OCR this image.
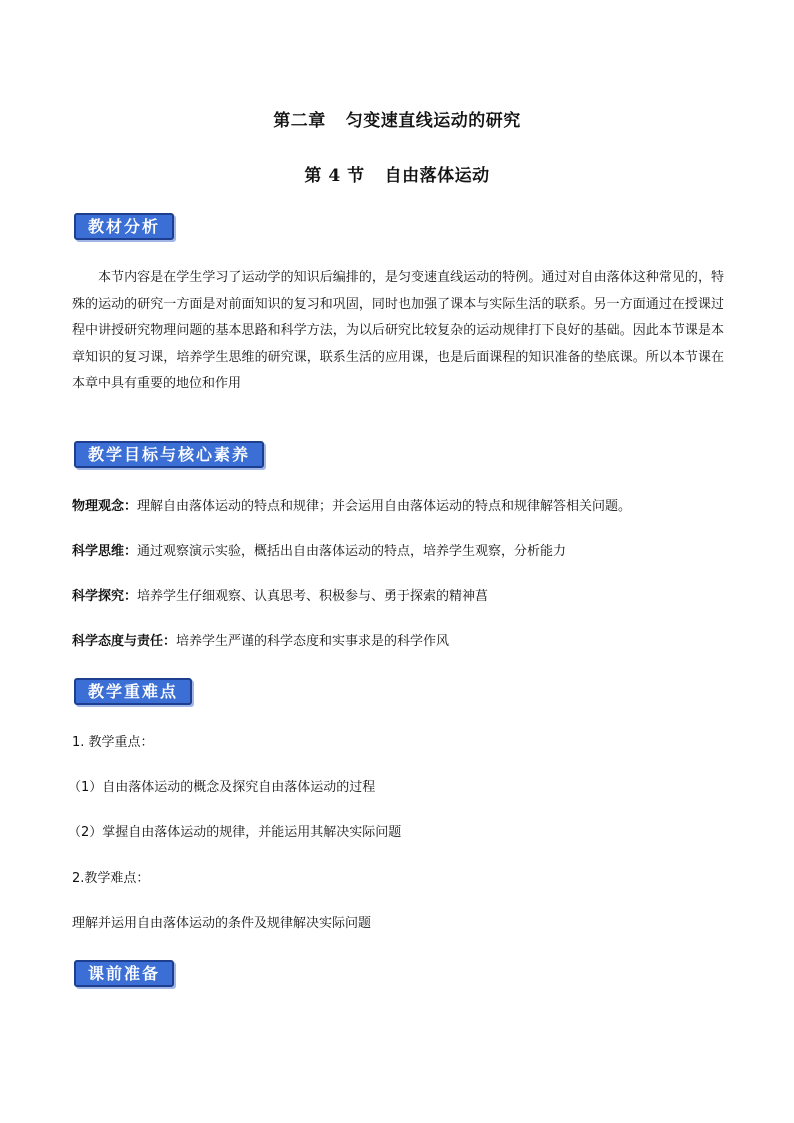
第二章 匀变速直线运动的研究
第 4 节 自由落体运动
教材分析
本节内容是在学生学习了运动学的知识后编排的，是匀变速直线运动的特例。通过对自由落体这种常见的，特殊的运动的研究一方面是对前面知识的复习和巩固，同时也加强了课本与实际生活的联系。另一方面通过在授课过程中讲授研究物理问题的基本思路和科学方法，为以后研究比较复杂的运动规律打下良好的基础。因此本节课是本章知识的复习课，培养学生思维的研究课，联系生活的应用课，也是后面课程的知识准备的垫底课。所以本节课在本章中具有重要的地位和作用
教学目标与核心素养
物理观念：理解自由落体运动的特点和规律；并会运用自由落体运动的特点和规律解答相关问题。
科学思维：通过观察演示实验，概括出自由落体运动的特点，培养学生观察，分析能力
科学探究：培养学生仔细观察、认真思考、积极参与、勇于探索的精神菖
科学态度与责任：培养学生严谨的科学态度和实事求是的科学作风
教学重难点
1. 教学重点：
（1）自由落体运动的概念及探究自由落体运动的过程
（2）掌握自由落体运动的规律，并能运用其解决实际问题
2.教学难点：
理解并运用自由落体运动的条件及规律解决实际问题
课前准备
